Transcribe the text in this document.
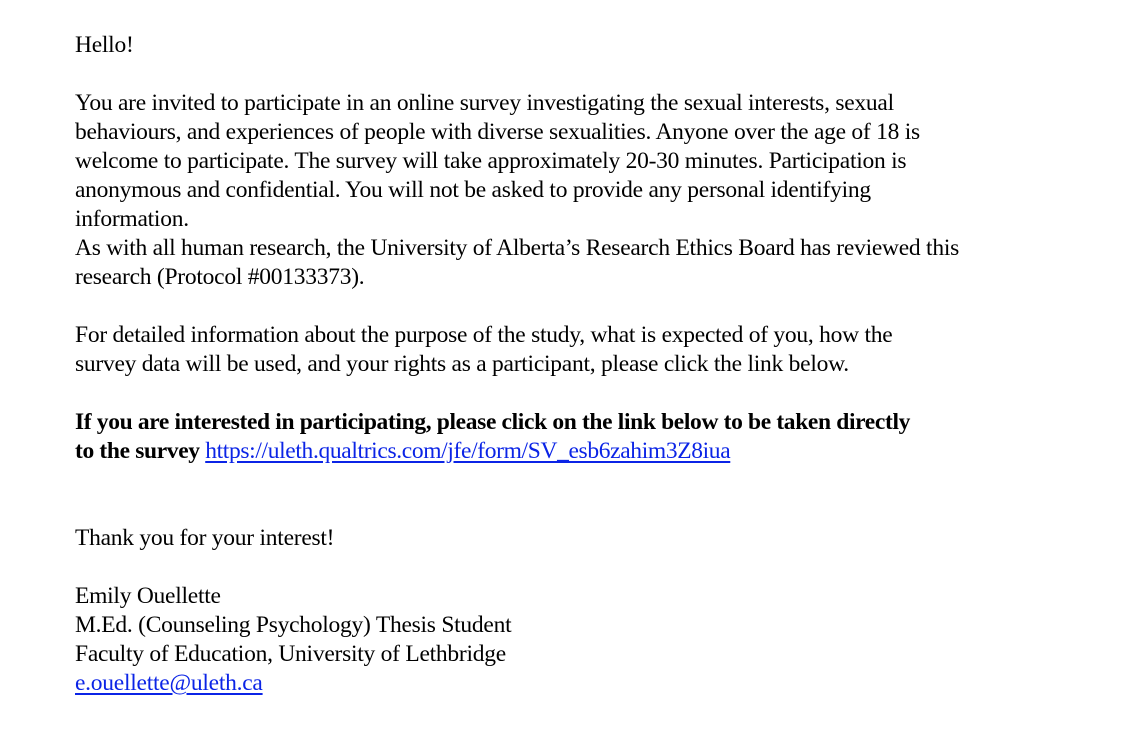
Hello!
You are invited to participate in an online survey investigating the sexual interests, sexual
behaviours, and experiences of people with diverse sexualities. Anyone over the age of 18 is
welcome to participate. The survey will take approximately 20-30 minutes. Participation is
anonymous and confidential. You will not be asked to provide any personal identifying
information.
As with all human research, the University of Alberta’s Research Ethics Board has reviewed this
research (Protocol #00133373).
For detailed information about the purpose of the study, what is expected of you, how the
survey data will be used, and your rights as a participant, please click the link below.
If you are interested in participating, please click on the link below to be taken directly
to the survey https://uleth.qualtrics.com/jfe/form/SV_esb6zahim3Z8iua
Thank you for your interest!
Emily Ouellette
M.Ed. (Counseling Psychology) Thesis Student
Faculty of Education, University of Lethbridge
e.ouellette@uleth.ca
